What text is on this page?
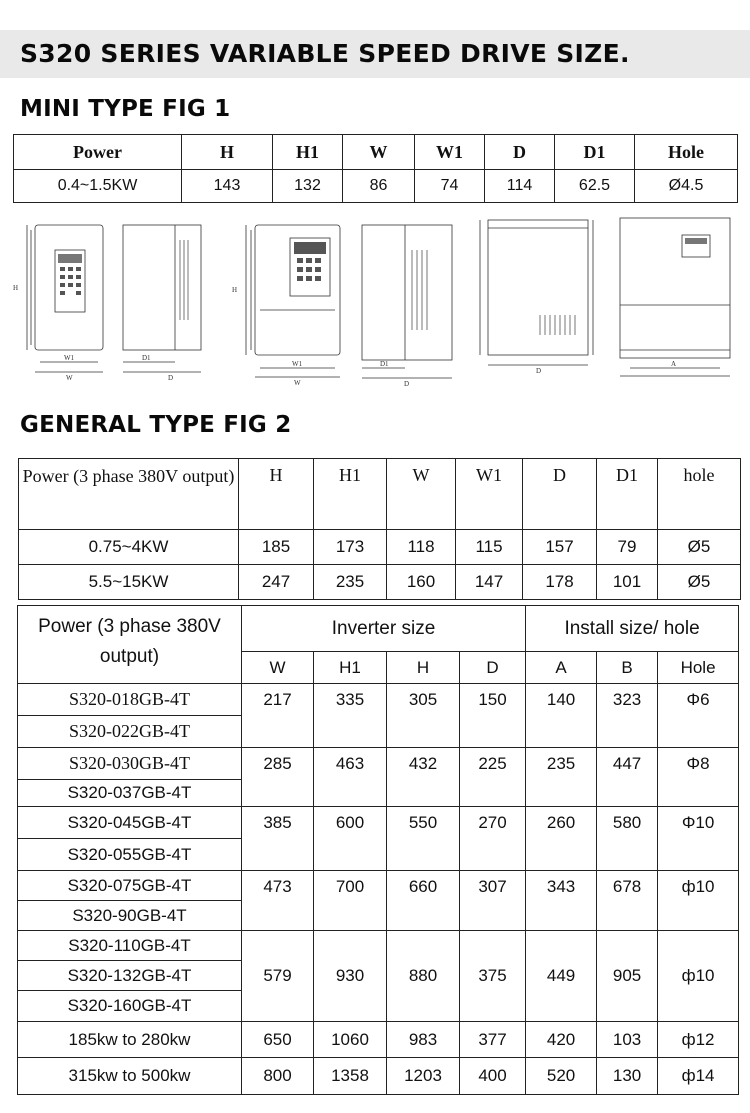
S320 SERIES VARIABLE SPEED DRIVE SIZE.
MINI TYPE FIG 1
Power	H	H1	W	W1	D	D1	Hole
0.4~1.5KW	143	132	86	74	114	62.5	Ø4.5
H
W1
W
D1
D
H
W1
W
D1
D
D
A
GENERAL TYPE FIG 2
Power (3 phase 380V output)	H	H1	W	W1	D	D1	hole
0.75~4KW	185	173	118	115	157	79	Ø5
5.5~15KW	247	235	160	147	178	101	Ø5
Power (3 phase 380V output)	Inverter size				Install size/ hole		
	W	H1	H	D	A	B	Hole
S320-018GB-4T	217	335	305	150	140	323	Φ6
S320-022GB-4T							
S320-030GB-4T	285	463	432	225	235	447	Φ8
S320-037GB-4T							
S320-045GB-4T	385	600	550	270	260	580	Φ10
S320-055GB-4T							
S320-075GB-4T	473	700	660	307	343	678	ф10
S320-90GB-4T							
S320-110GB-4T	579	930	880	375	449	905	ф10
S320-132GB-4T							
S320-160GB-4T							
185kw to 280kw	650	1060	983	377	420	103	ф12
315kw to 500kw	800	1358	1203	400	520	130	ф14
